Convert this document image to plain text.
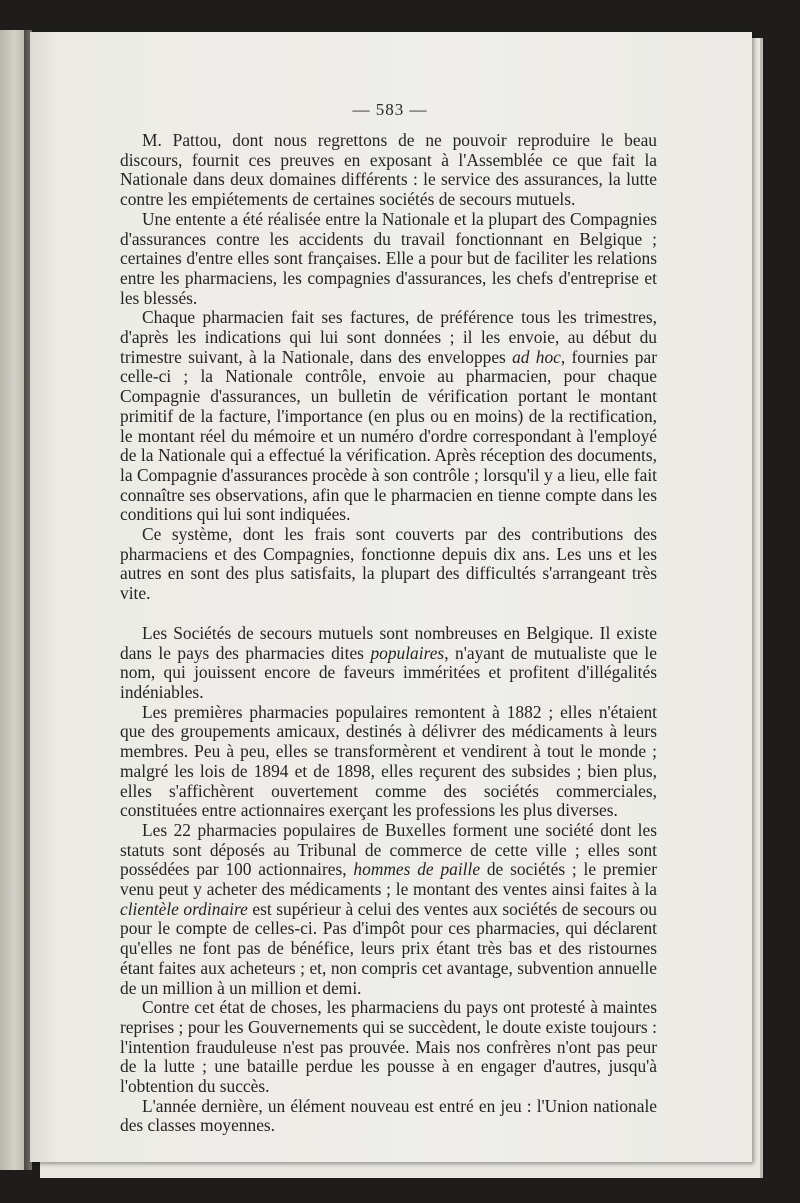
— 583 —

M. Pattou, dont nous regrettons de ne pouvoir reproduire le beau discours, fournit ces preuves en exposant à l'Assemblée ce que fait la Nationale dans deux domaines différents : le service des assurances, la lutte contre les empiétements de certaines sociétés de secours mutuels.

Une entente a été réalisée entre la Nationale et la plupart des Compagnies d'assurances contre les accidents du travail fonctionnant en Belgique ; certaines d'entre elles sont françaises. Elle a pour but de faciliter les relations entre les pharmaciens, les compagnies d'assurances, les chefs d'entreprise et les blessés.

Chaque pharmacien fait ses factures, de préférence tous les trimestres, d'après les indications qui lui sont données ; il les envoie, au début du trimestre suivant, à la Nationale, dans des enveloppes ad hoc, fournies par celle-ci ; la Nationale contrôle, envoie au pharmacien, pour chaque Compagnie d'assurances, un bulletin de vérification portant le montant primitif de la facture, l'importance (en plus ou en moins) de la rectification, le montant réel du mémoire et un numéro d'ordre correspondant à l'employé de la Nationale qui a effectué la vérification. Après réception des documents, la Compagnie d'assurances procède à son contrôle ; lorsqu'il y a lieu, elle fait connaître ses observations, afin que le pharmacien en tienne compte dans les conditions qui lui sont indiquées.

Ce système, dont les frais sont couverts par des contributions des pharmaciens et des Compagnies, fonctionne depuis dix ans. Les uns et les autres en sont des plus satisfaits, la plupart des difficultés s'arrangeant très vite.

Les Sociétés de secours mutuels sont nombreuses en Belgique. Il existe dans le pays des pharmacies dites populaires, n'ayant de mutualiste que le nom, qui jouissent encore de faveurs imméritées et profitent d'illégalités indéniables.

Les premières pharmacies populaires remontent à 1882 ; elles n'étaient que des groupements amicaux, destinés à délivrer des médicaments à leurs membres. Peu à peu, elles se transformèrent et vendirent à tout le monde ; malgré les lois de 1894 et de 1898, elles reçurent des subsides ; bien plus, elles s'affichèrent ouvertement comme des sociétés commerciales, constituées entre actionnaires exerçant les professions les plus diverses.

Les 22 pharmacies populaires de Buxelles forment une société dont les statuts sont déposés au Tribunal de commerce de cette ville ; elles sont possédées par 100 actionnaires, hommes de paille de sociétés ; le premier venu peut y acheter des médicaments ; le montant des ventes ainsi faites à la clientèle ordinaire est supérieur à celui des ventes aux sociétés de secours ou pour le compte de celles-ci. Pas d'impôt pour ces pharmacies, qui déclarent qu'elles ne font pas de bénéfice, leurs prix étant très bas et des ristournes étant faites aux acheteurs ; et, non compris cet avantage, subvention annuelle de un million à un million et demi.

Contre cet état de choses, les pharmaciens du pays ont protesté à maintes reprises ; pour les Gouvernements qui se succèdent, le doute existe toujours : l'intention frauduleuse n'est pas prouvée. Mais nos confrères n'ont pas peur de la lutte ; une bataille perdue les pousse à en engager d'autres, jusqu'à l'obtention du succès.

L'année dernière, un élément nouveau est entré en jeu : l'Union nationale des classes moyennes.
